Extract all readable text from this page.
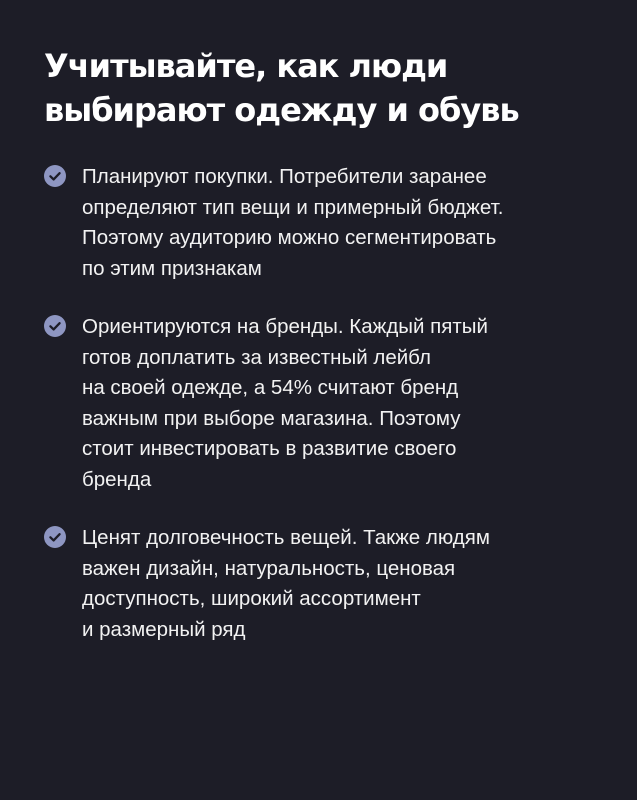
Учитывайте, как люди
выбирают одежду и обувь
Планируют покупки. Потребители заранее
определяют тип вещи и примерный бюджет.
Поэтому аудиторию можно сегментировать
по этим признакам
Ориентируются на бренды. Каждый пятый
готов доплатить за известный лейбл
на своей одежде, а 54% считают бренд
важным при выборе магазина. Поэтому
стоит инвестировать в развитие своего
бренда
Ценят долговечность вещей. Также людям
важен дизайн, натуральность, ценовая
доступность, широкий ассортимент
и размерный ряд
